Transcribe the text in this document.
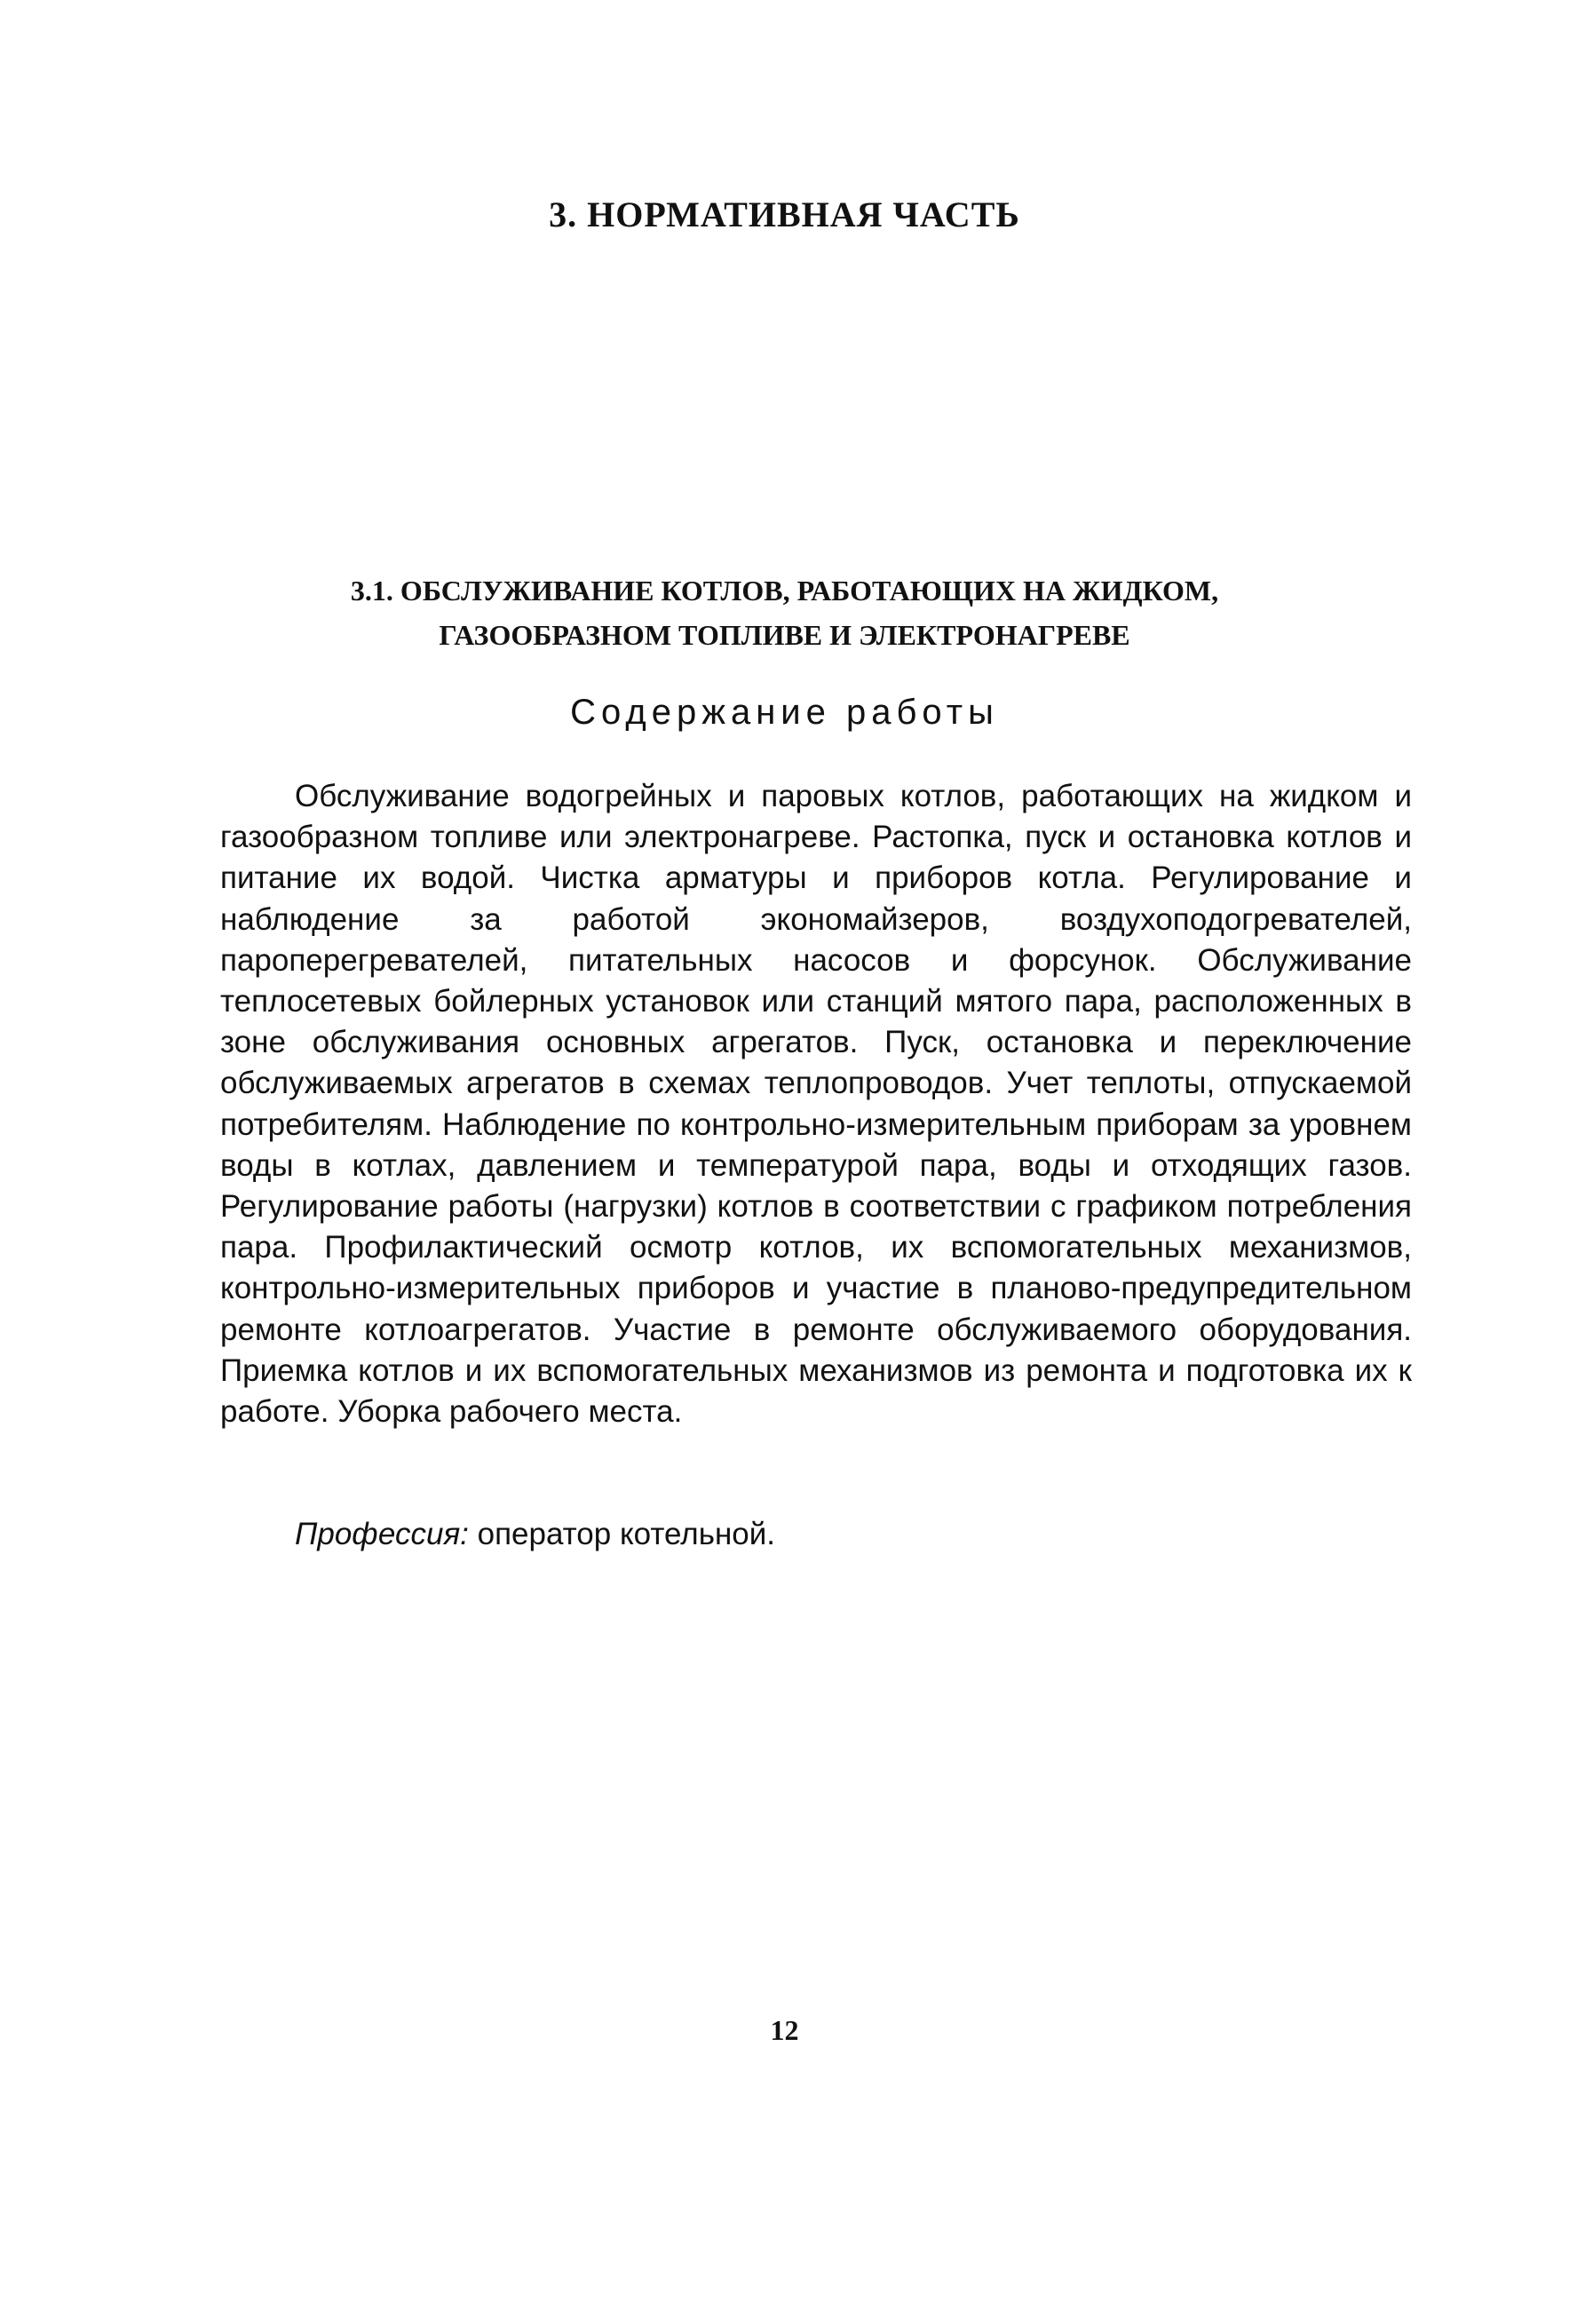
3. НОРМАТИВНАЯ ЧАСТЬ
3.1. ОБСЛУЖИВАНИЕ КОТЛОВ, РАБОТАЮЩИХ НА ЖИДКОМ,
ГАЗООБРАЗНОМ ТОПЛИВЕ И ЭЛЕКТРОНАГРЕВЕ
Содержание работы

Обслуживание водогрейных и паровых котлов, работающих на жидком и газообразном топливе или электронагреве. Растопка, пуск и остановка котлов и питание их водой. Чистка арматуры и приборов котла. Регулирование и наблюдение за работой экономайзеров, воздухоподогревателей, пароперегревателей, питательных насосов и форсунок. Обслуживание теплосетевых бойлерных установок или станций мятого пара, расположенных в зоне обслуживания основных агрегатов. Пуск, остановка и переключение обслуживаемых агрегатов в схемах теплопроводов. Учет теплоты, отпускаемой потребителям. Наблюдение по контрольно-измерительным приборам за уровнем воды в котлах, давлением и температурой пара, воды и отходящих газов. Регулирование работы (нагрузки) котлов в соответствии с графиком потребления пара. Профилактический осмотр котлов, их вспомогательных механизмов, контрольно-измерительных приборов и участие в планово-предупредительном ремонте котлоагрегатов. Участие в ремонте обслуживаемого оборудования. Приемка котлов и их вспомогательных механизмов из ремонта и подготовка их к работе. Уборка рабочего места.

Профессия: оператор котельной.

12
